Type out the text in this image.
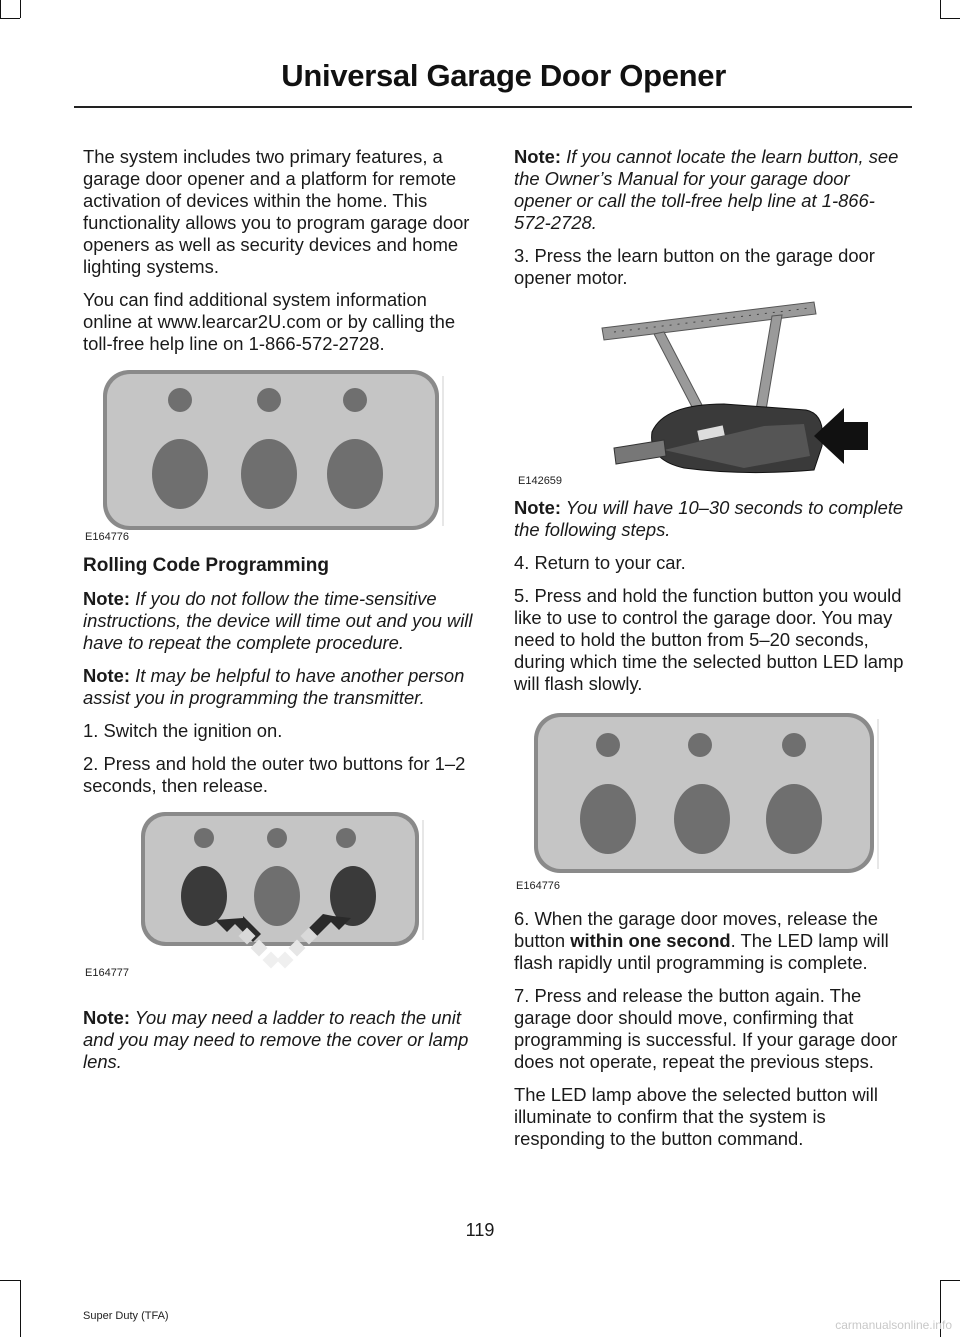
Universal Garage Door Opener

The system includes two primary features, a garage door opener and a platform for remote activation of devices within the home. This functionality allows you to program garage door openers as well as security devices and home lighting systems.

You can find additional system information online at www.learcar2U.com or by calling the toll-free help line on 1-866-572-2728.

E164776

Rolling Code Programming

Note: If you do not follow the time-sensitive instructions, the device will time out and you will have to repeat the complete procedure.

Note: It may be helpful to have another person assist you in programming the transmitter.

1. Switch the ignition on.

2. Press and hold the outer two buttons for 1–2 seconds, then release.

E164777

Note: You may need a ladder to reach the unit and you may need to remove the cover or lamp lens.

Note: If you cannot locate the learn button, see the Owner’s Manual for your garage door opener or call the toll-free help line at 1-866-572-2728.

3. Press the learn button on the garage door opener motor.

E142659

Note: You will have 10–30 seconds to complete the following steps.

4. Return to your car.

5. Press and hold the function button you would like to use to control the garage door. You may need to hold the button from 5–20 seconds, during which time the selected button LED lamp will flash slowly.

E164776

6. When the garage door moves, release the button within one second. The LED lamp will flash rapidly until programming is complete.

7. Press and release the button again. The garage door should move, confirming that programming is successful. If your garage door does not operate, repeat the previous steps.

The LED lamp above the selected button will illuminate to confirm that the system is responding to the button command.

119
Super Duty (TFA)
carmanualsonline.info
